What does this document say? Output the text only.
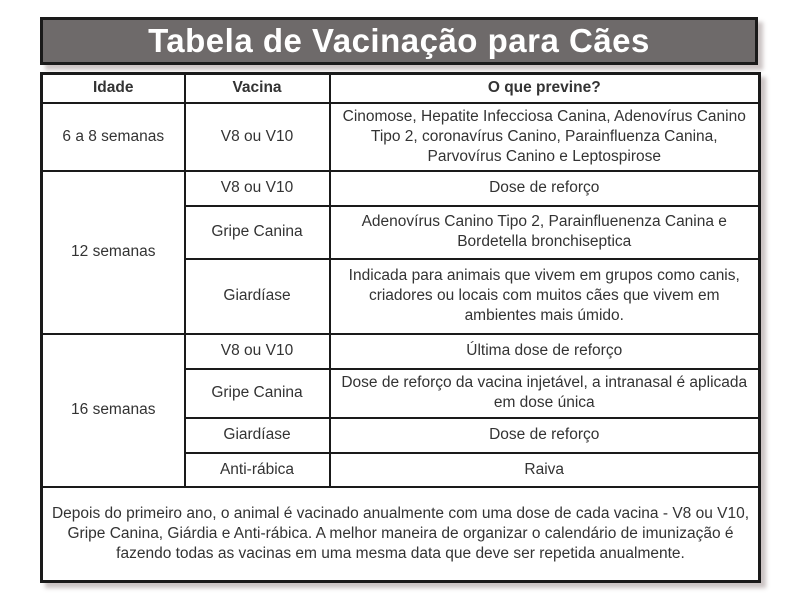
Tabela de Vacinação para Cães
Idade	Vacina	O que previne?
6 a 8 semanas	V8 ou V10	Cinomose, Hepatite Infecciosa Canina, Adenovírus Canino Tipo 2, coronavírus Canino, Parainfluenza Canina, Parvovírus Canino e Leptospirose
12 semanas	V8 ou V10	Dose de reforço
	Gripe Canina	Adenovírus Canino Tipo 2, Parainfluenenza Canina e Bordetella bronchiseptica
	Giardíase	Indicada para animais que vivem em grupos como canis, criadores ou locais com muitos cães que vivem em ambientes mais úmido.
16 semanas	V8 ou V10	Última dose de reforço
	Gripe Canina	Dose de reforço da vacina injetável, a intranasal é aplicada em dose única
	Giardíase	Dose de reforço
	Anti-rábica	Raiva
Depois do primeiro ano, o animal é vacinado anualmente com uma dose de cada vacina - V8 ou V10, Gripe Canina, Giárdia e Anti-rábica. A melhor maneira de organizar o calendário de imunização é fazendo todas as vacinas em uma mesma data que deve ser repetida anualmente.		
